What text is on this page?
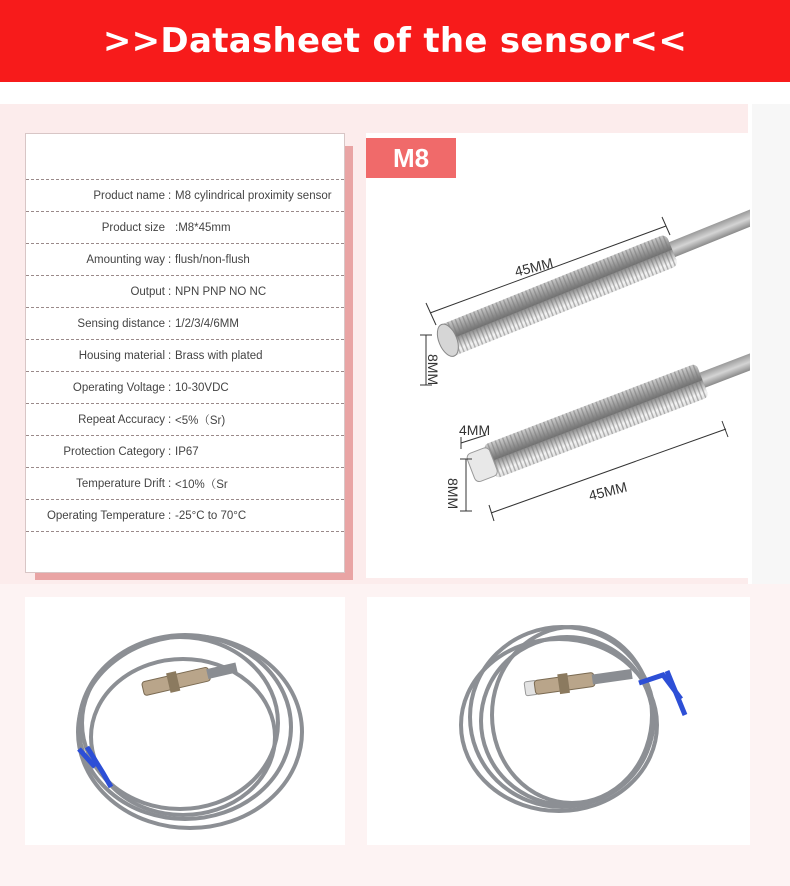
>>Datasheet of the sensor<<
Product name : M8 cylindrical proximity sensor
Product size :M8*45mm
Amounting way : flush/non-flush
Output : NPN PNP NO NC
Sensing distance : 1/2/3/4/6MM
Housing material : Brass with plated
Operating Voltage : 10-30VDC
Repeat Accuracy : <5%（Sr)
Protection Category : IP67
Temperature Drift : <10%（Sr
Operating Temperature : -25°C to 70°C
45MM
8MM
4MM
8MM	45MM
M8
